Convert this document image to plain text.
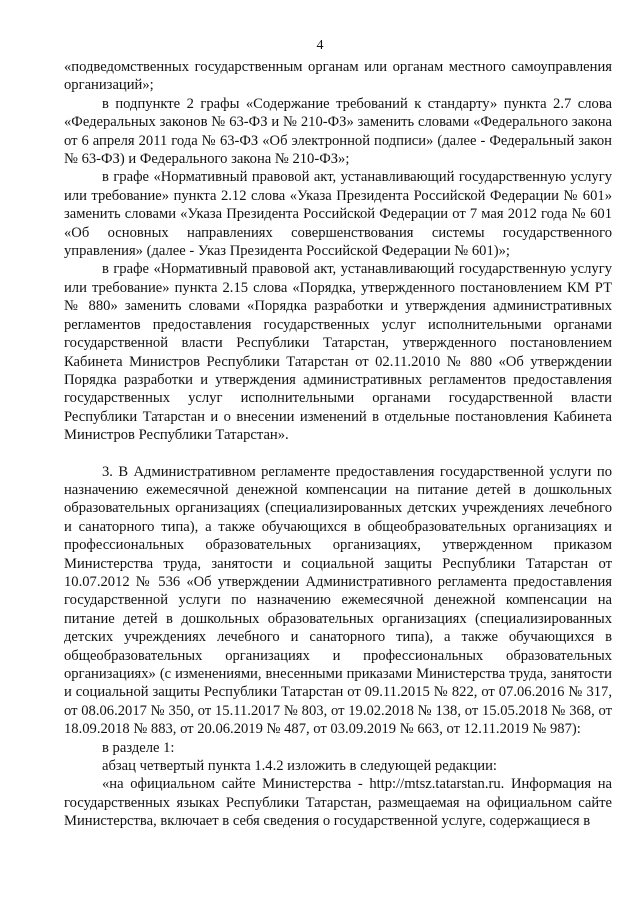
4

«подведомственных государственным органам или органам местного самоуправления организаций»;

в подпункте 2 графы «Содержание требований к стандарту» пункта 2.7 слова «Федеральных законов № 63-ФЗ и № 210-ФЗ» заменить словами «Федерального закона от 6 апреля 2011 года № 63-ФЗ «Об электронной подписи» (далее - Федеральный закон № 63-ФЗ) и Федерального закона № 210-ФЗ»;

в графе «Нормативный правовой акт, устанавливающий государственную услугу или требование» пункта 2.12 слова «Указа Президента Российской Федерации № 601» заменить словами «Указа Президента Российской Федерации от 7 мая 2012 года № 601 «Об основных направлениях совершенствования системы государственного управления» (далее - Указ Президента Российской Федерации № 601)»;

в графе «Нормативный правовой акт, устанавливающий государственную услугу или требование» пункта 2.15 слова «Порядка, утвержденного постановлением КМ РТ № 880» заменить словами «Порядка разработки и утверждения административных регламентов предоставления государственных услуг исполнительными органами государственной власти Республики Татарстан, утвержденного постановлением Кабинета Министров Республики Татарстан от 02.11.2010 № 880 «Об утверждении Порядка разработки и утверждения административных регламентов предоставления государственных услуг исполнительными органами государственной власти Республики Татарстан и о внесении изменений в отдельные постановления Кабинета Министров Республики Татарстан».

3. В Административном регламенте предоставления государственной услуги по назначению ежемесячной денежной компенсации на питание детей в дошкольных образовательных организациях (специализированных детских учреждениях лечебного и санаторного типа), а также обучающихся в общеобразовательных организациях и профессиональных образовательных организациях, утвержденном приказом Министерства труда, занятости и социальной защиты Республики Татарстан от 10.07.2012 № 536 «Об утверждении Административного регламента предоставления государственной услуги по назначению ежемесячной денежной компенсации на питание детей в дошкольных образовательных организациях (специализированных детских учреждениях лечебного и санаторного типа), а также обучающихся в общеобразовательных организациях и профессиональных образовательных организациях» (с изменениями, внесенными приказами Министерства труда, занятости и социальной защиты Республики Татарстан от 09.11.2015 № 822, от 07.06.2016 № 317, от 08.06.2017 № 350, от 15.11.2017 № 803, от 19.02.2018 № 138, от 15.05.2018 № 368, от 18.09.2018 № 883, от 20.06.2019 № 487, от 03.09.2019 № 663, от 12.11.2019 № 987):

в разделе 1:

абзац четвертый пункта 1.4.2 изложить в следующей редакции:

«на официальном сайте Министерства - http://mtsz.tatarstan.ru. Информация на государственных языках Республики Татарстан, размещаемая на официальном сайте Министерства, включает в себя сведения о государственной услуге, содержащиеся в
